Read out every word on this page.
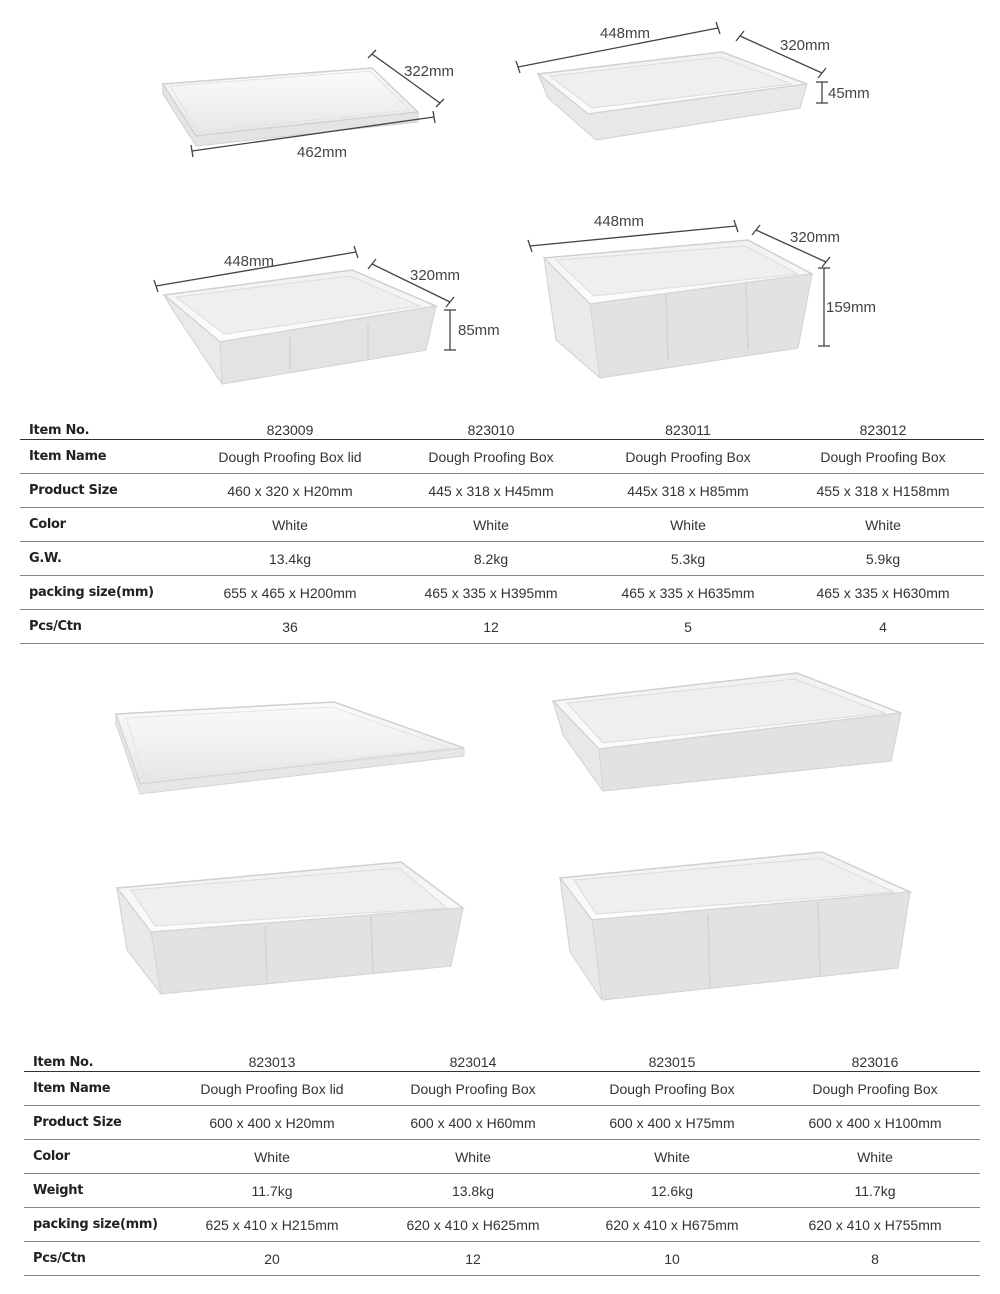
322mm
462mm
448mm
320mm
45mm
448mm
320mm
85mm
448mm
320mm
159mm
Item No.	823009	823010	823011	823012
Item Name	Dough Proofing Box lid	Dough Proofing Box	Dough Proofing Box	Dough Proofing Box
Product Size	460 x 320 x H20mm	445 x 318 x H45mm	445x 318 x H85mm	455 x 318 x H158mm
Color	White	White	White	White
G.W.	13.4kg	8.2kg	5.3kg	5.9kg
packing size(mm)	655 x 465 x H200mm	465 x 335 x H395mm	465 x 335 x H635mm	465 x 335 x H630mm
Pcs/Ctn	36	12	5	4
Item No.	823013	823014	823015	823016
Item Name	Dough Proofing Box lid	Dough Proofing Box	Dough Proofing Box	Dough Proofing Box
Product Size	600 x 400 x H20mm	600 x 400 x H60mm	600 x 400 x H75mm	600 x 400 x H100mm
Color	White	White	White	White
Weight	11.7kg	13.8kg	12.6kg	11.7kg
packing size(mm)	625 x 410 x H215mm	620 x 410 x H625mm	620 x 410 x H675mm	620 x 410 x H755mm
Pcs/Ctn	20	12	10	8
